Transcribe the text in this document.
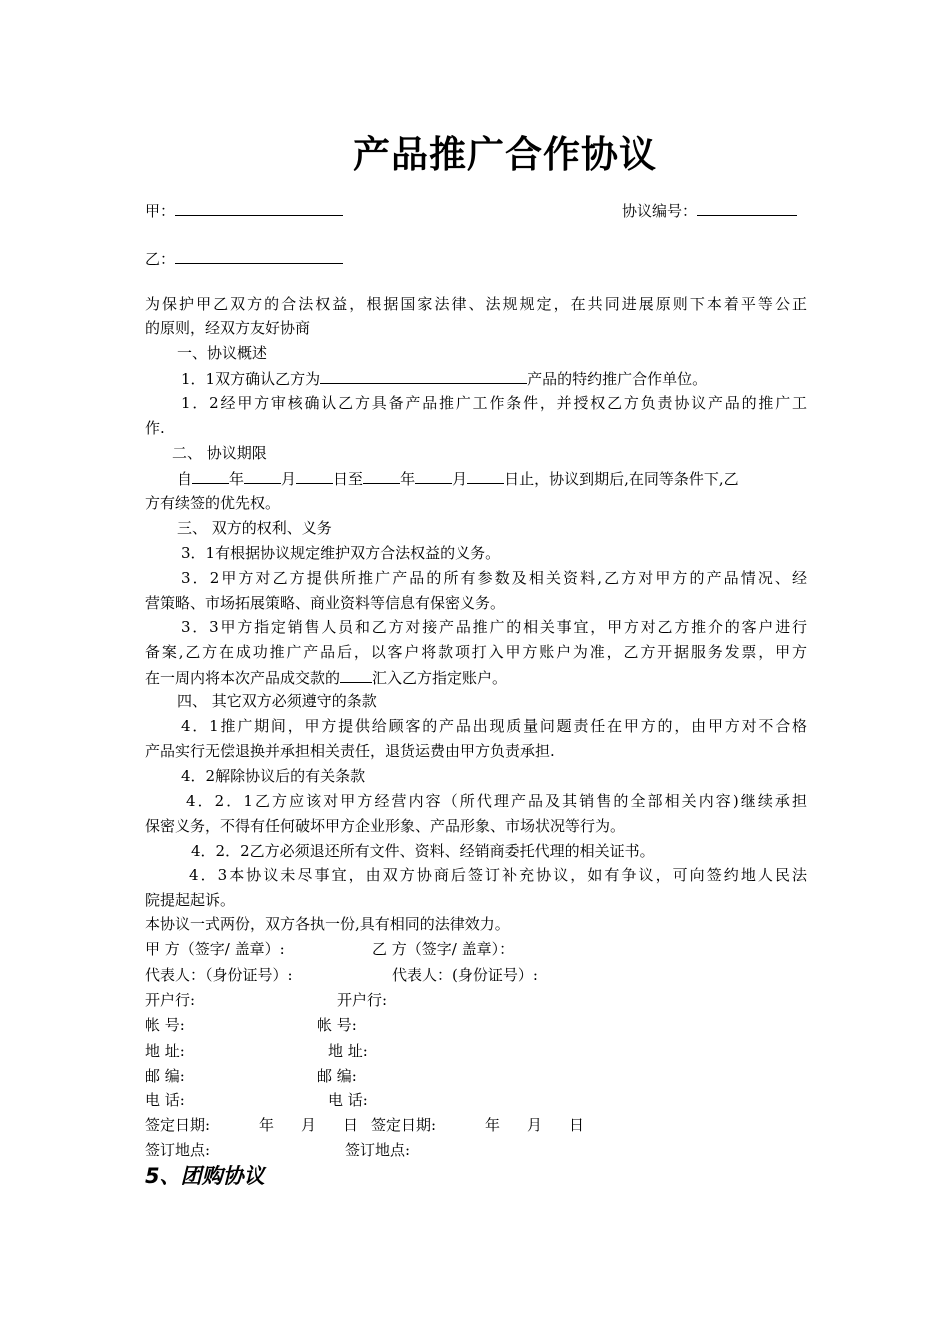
产品推广合作协议
甲：	协议编号：
乙：
为保护甲乙双方的合法权益，根据国家法律、法规规定，在共同进展原则下本着平等公正
的原则，经双方友好协商
一、协议概述
1．1双方确认乙方为	产品的特约推广合作单位。
1．2经甲方审核确认乙方具备产品推广工作条件，并授权乙方负责协议产品的推广工
作.
二、 协议期限
自 年 月 日至 年 月 日止，协议到期后,在同等条件下,乙
方有续签的优先权。
三、 双方的权利、义务
3．1有根据协议规定维护双方合法权益的义务。
3．2甲方对乙方提供所推广产品的所有参数及相关资料,乙方对甲方的产品情况、经
营策略、市场拓展策略、商业资料等信息有保密义务。
3．3甲方指定销售人员和乙方对接产品推广的相关事宜，甲方对乙方推介的客户进行
备案,乙方在成功推广产品后，以客户将款项打入甲方账户为准，乙方开据服务发票，甲方
在一周内将本次产品成交款的 汇入乙方指定账户。
四、 其它双方必须遵守的条款
4．1推广期间，甲方提供给顾客的产品出现质量问题责任在甲方的，由甲方对不合格
产品实行无偿退换并承担相关责任，退货运费由甲方负责承担.
4．2解除协议后的有关条款
4．2．1乙方应该对甲方经营内容（所代理产品及其销售的全部相关内容)继续承担
保密义务，不得有任何破坏甲方企业形象、产品形象、市场状况等行为。
4．2．2乙方必须退还所有文件、资料、经销商委托代理的相关证书。
4．3本协议未尽事宜，由双方协商后签订补充协议，如有争议，可向签约地人民法
院提起起诉。
本协议一式两份，双方各执一份,具有相同的法律效力。
甲 方（签字/ 盖章）:	乙 方（签字/ 盖章）：
代表人：（身份证号）:	代表人：(身份证号）:
开户行:	开户行:
帐 号:	帐 号:
地 址:	地 址:
邮 编:	邮 编:
电 话:	电 话:
签定日期:	年 月 日 签定日期:	年 月 日
签订地点:	签订地点:
5、团购协议
